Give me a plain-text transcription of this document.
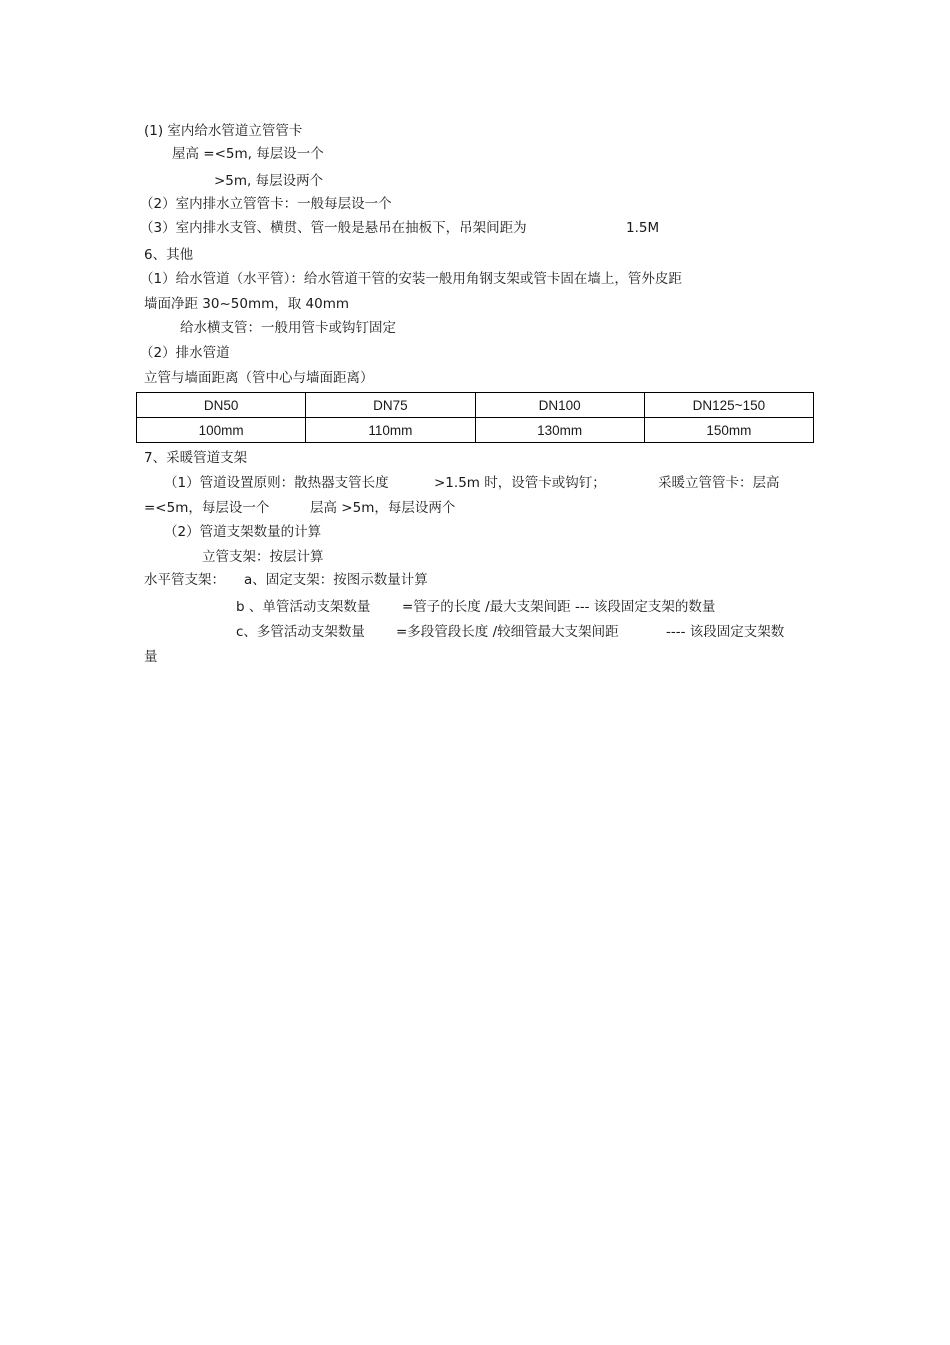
(1) 室内给水管道立管管卡
屋高 =<5m, 每层设一个
>5m, 每层设两个
（2）室内排水立管管卡：一般每层设一个
（3）室内排水支管、横贯、管一般是悬吊在抽板下，吊架间距为	1.5M
6、其他
（1）给水管道（水平管）：给水管道干管的安装一般用角钢支架或管卡固在墙上，管外皮距
墙面净距 30~50mm，取 40mm
给水横支管：一般用管卡或钩钉固定
（2）排水管道
立管与墙面距离（管中心与墙面距离）
DN50	DN75	DN100	DN125~150
100mm	110mm	130mm	150mm
7、采暖管道支架
（1）管道设置原则：散热器支管长度	>1.5m 时，设管卡或钩钉；	采暖立管管卡：层高
=<5m，每层设一个	层高 >5m，每层设两个
（2）管道支架数量的计算
立管支架：按层计算
水平管支架： a、固定支架：按图示数量计算
b 、单管活动支架数量 =管子的长度 /最大支架间距 --- 该段固定支架的数量
c、多管活动支架数量 =多段管段长度 /较细管最大支架间距	---- 该段固定支架数
量
